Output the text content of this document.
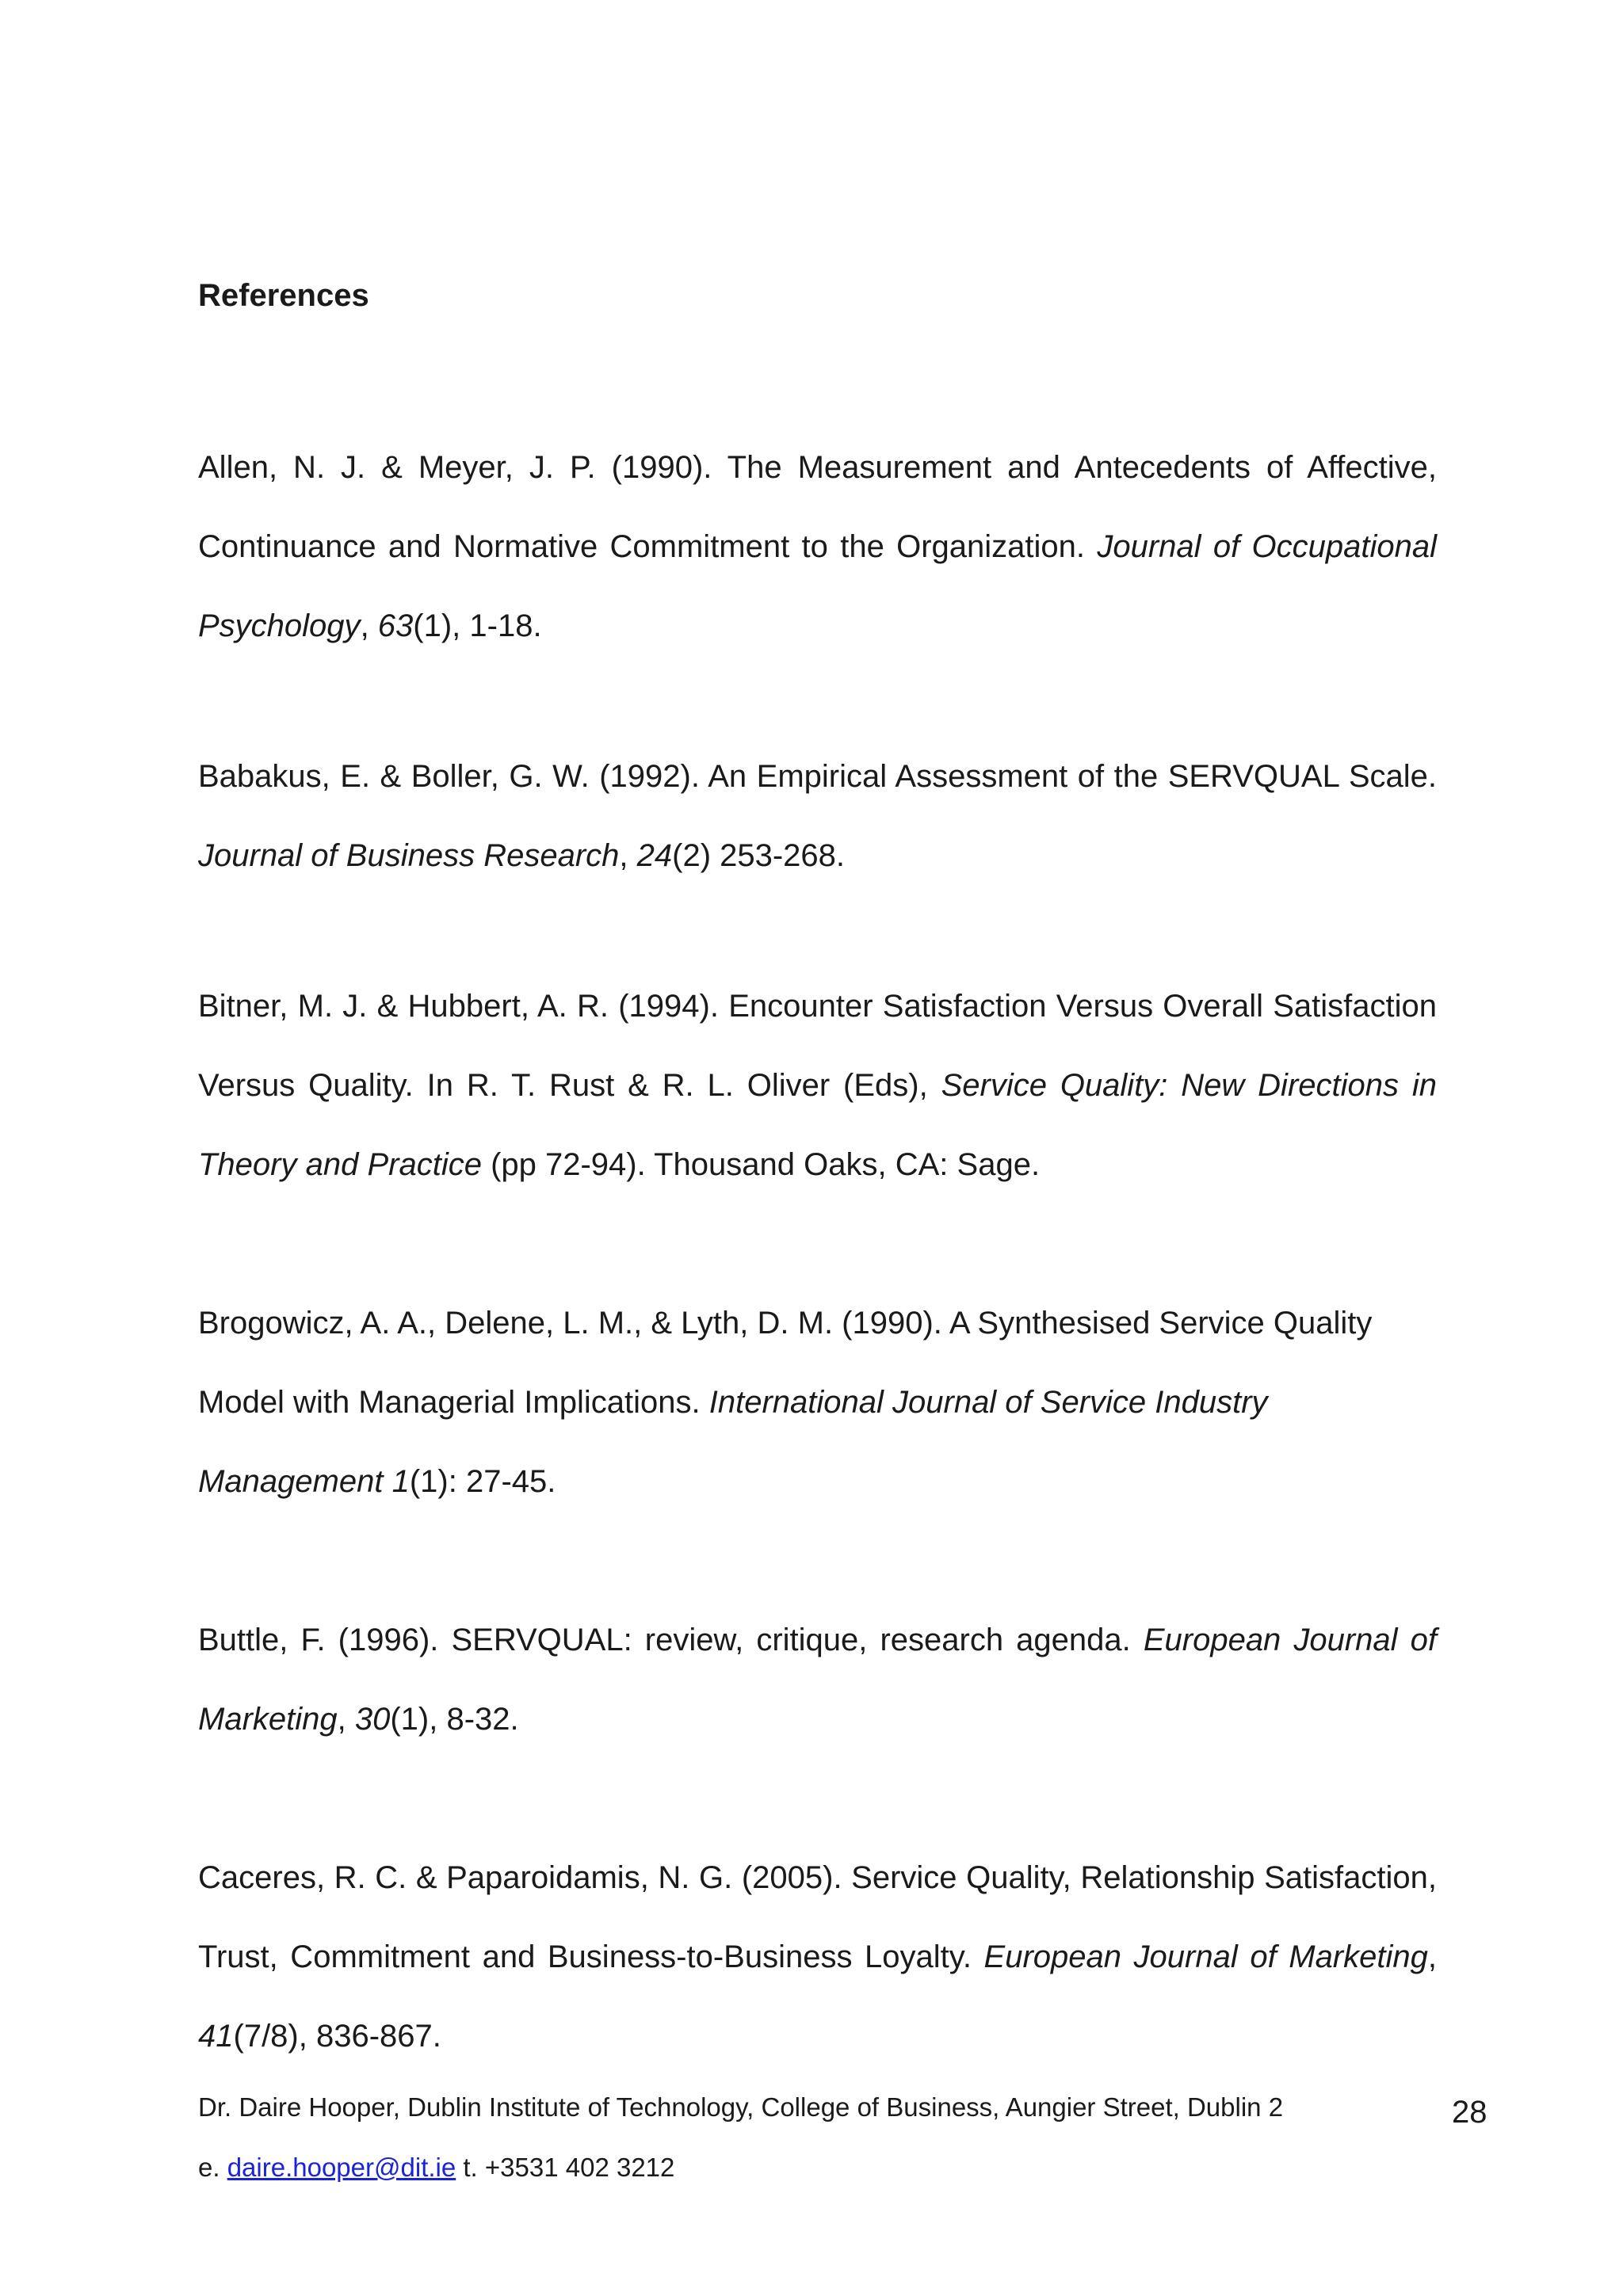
References

Allen, N. J. & Meyer, J. P. (1990). The Measurement and Antecedents of Affective, Continuance and Normative Commitment to the Organization. Journal of Occupational Psychology, 63(1), 1-18.

Babakus, E. & Boller, G. W. (1992). An Empirical Assessment of the SERVQUAL Scale. Journal of Business Research, 24(2) 253-268.

Bitner, M. J. & Hubbert, A. R. (1994). Encounter Satisfaction Versus Overall Satisfaction Versus Quality. In R. T. Rust & R. L. Oliver (Eds), Service Quality: New Directions in Theory and Practice (pp 72-94). Thousand Oaks, CA: Sage.

Brogowicz, A. A., Delene, L. M., & Lyth, D. M. (1990). A Synthesised Service Quality Model with Managerial Implications. International Journal of Service Industry Management 1(1): 27-45.

Buttle, F. (1996). SERVQUAL: review, critique, research agenda. European Journal of Marketing, 30(1), 8-32.

Caceres, R. C. & Paparoidamis, N. G. (2005). Service Quality, Relationship Satisfaction, Trust, Commitment and Business-to-Business Loyalty. European Journal of Marketing, 41(7/8), 836-867.

Dr. Daire Hooper, Dublin Institute of Technology, College of Business, Aungier Street, Dublin 2

e. daire.hooper@dit.ie t. +3531 402 3212

28
